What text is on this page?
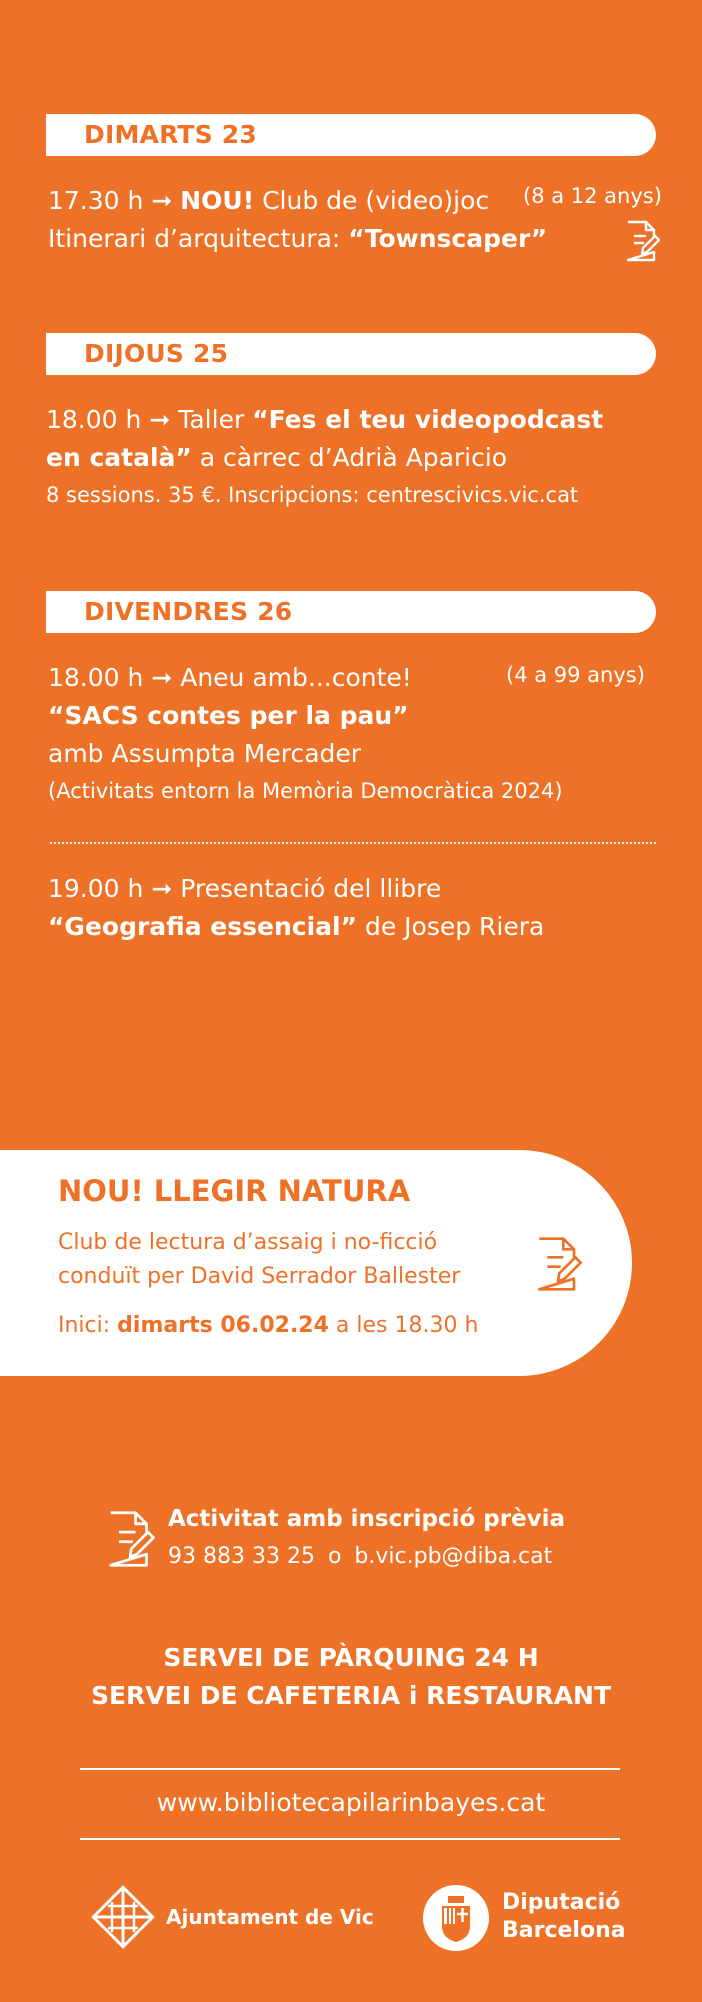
DIMARTS 23
17.30 h ➞ NOU! Club de (video)joc (8 a 12 anys)
Itinerari d’arquitectura: “Townscaper”
DIJOUS 25
18.00 h ➞ Taller “Fes el teu videopodcast
en català” a càrrec d’Adrià Aparicio
8 sessions. 35 €. Inscripcions: centrescivics.vic.cat
DIVENDRES 26
18.00 h ➞ Aneu amb...conte!	(4 a 99 anys)
“SACS contes per la pau”
amb Assumpta Mercader
(Activitats entorn la Memòria Democràtica 2024)
19.00 h ➞ Presentació del llibre
“Geografia essencial” de Josep Riera
NOU! LLEGIR NATURA
Club de lectura d’assaig i no-ficció
conduït per David Serrador Ballester
Inici: dimarts 06.02.24 a les 18.30 h
Activitat amb inscripció prèvia
93 883 33 25 o b.vic.pb@diba.cat
SERVEI DE PÀRQUING 24 H
SERVEI DE CAFETERIA i RESTAURANT
www.bibliotecapilarinbayes.cat
Ajuntament de Vic
Diputació
Barcelona
